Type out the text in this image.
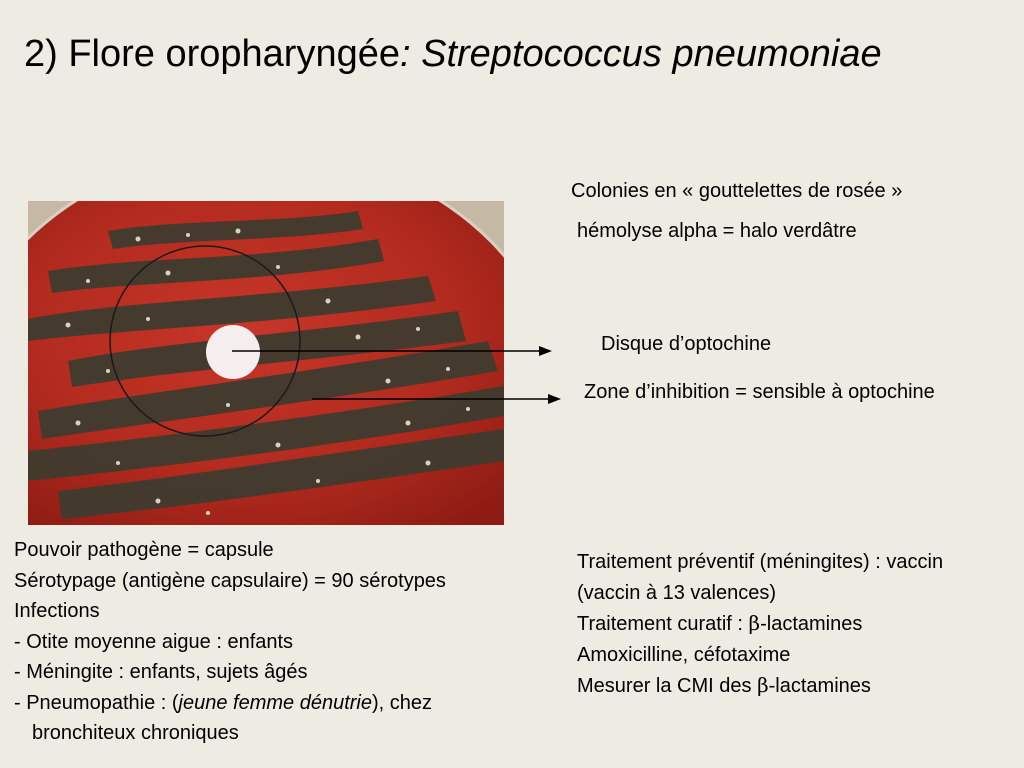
2) Flore oropharyngée: Streptococcus pneumoniae
Colonies en « gouttelettes de rosée »
hémolyse alpha = halo verdâtre
Disque d’optochine
Zone d’inhibition = sensible à optochine
Pouvoir pathogène = capsule
Sérotypage (antigène capsulaire) = 90 sérotypes
Infections
- Otite moyenne aigue : enfants
- Méningite : enfants, sujets âgés
- Pneumopathie : (jeune femme dénutrie), chez
bronchiteux chroniques
Traitement préventif (méningites) : vaccin
(vaccin à 13 valences)
Traitement curatif : β-lactamines
Amoxicilline, céfotaxime
Mesurer la CMI des β-lactamines
